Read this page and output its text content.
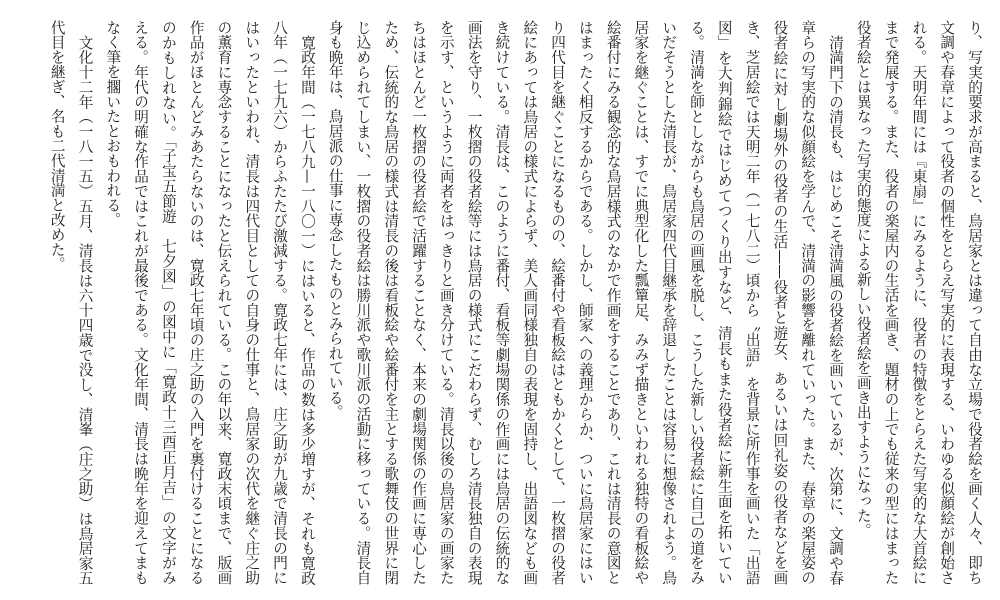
り、写実的要求が高まると、鳥居家とは違って自由な立場で役者絵を画く人々、即ち文調や春章によって役者の個性をとらえ写実的に表現する、いわゆる似顔絵が創始される。天明年間には『東扇』にみるように、役者の特徴をとらえた写実的な大首絵にまで発展する。また、役者の楽屋内の生活を画き、題材の上でも従来の型にはまった役者絵とは異なった写実的態度による新しい役者絵を画き出すようになった。

清満門下の清長も、はじめこそ清満風の役者絵を画いているが、次第に、文調や春章らの写実的な似顔絵を学んで、清満の影響を離れていった。また、春章の楽屋姿の役者絵に対し劇場外の役者の生活——役者と遊女、あるいは回礼姿の役者などを画き、芝居絵では天明二年（一七八二）頃から〝出語〟を背景に所作事を画いた「出語図」を大判錦絵ではじめてつくり出すなど、清長もまた役者絵に新生面を拓いている。清満を師としながらも鳥居の画風を脱し、こうした新しい役者絵に自己の道をみいだそうとした清長が、鳥居家四代目継承を辞退したことは容易に想像されよう。鳥居家を継ぐことは、すでに典型化した瓢簞足、みみず描きといわれる独特の看板絵や絵番付にみる観念的な鳥居様式のなかで作画をすることであり、これは清長の意図とはまったく相反するからである。しかし、師家への義理からか、ついに鳥居家にはいり四代目を継ぐことになるものの、絵番付や看板絵はともかくとして、一枚摺の役者絵にあっては鳥居の様式によらず、美人画同様独自の表現を固持し、出語図なども画き続けている。清長は、このように番付、看板等劇場関係の作画には鳥居の伝統的な画法を守り、一枚摺の役者絵等には鳥居の様式にこだわらず、むしろ清長独自の表現を示す、というように両者をはっきりと画き分けている。清長以後の鳥居家の画家たちはほとんど一枚摺の役者絵で活躍することなく、本来の劇場関係の作画に専心したため、伝統的な鳥居の様式は清長の後は看板絵や絵番付を主とする歌舞伎の世界に閉じ込められてしまい、一枚摺の役者絵は勝川派や歌川派の活動に移っている。清長自身も晩年は、鳥居派の仕事に専念したものとみられている。

寛政年間（一七八九—一八〇一）にはいると、作品の数は多少増すが、それも寛政八年（一七九六）からふたたび激減する。寛政七年には、庄之助が九歳で清長の門にはいったといわれ、清長は四代目としての自身の仕事と、鳥居家の次代を継ぐ庄之助の薫育に専念することになったと伝えられている。この年以来、寛政末頃まで、版画作品がほとんどみあたらないのは、寛政七年頃の庄之助の入門を裏付けることになるのかもしれない。「子宝五節遊　七夕図」の図中に「寛政十三酉正月吉」の文字がみえる。年代の明確な作品ではこれが最後である。文化年間、清長は晩年を迎えてまもなく筆を擱いたとおもわれる。

文化十二年（一八一五）五月、清長は六十四歳で没し、清峯（庄之助）は鳥居家五代目を継ぎ、名も二代清満と改めた。
